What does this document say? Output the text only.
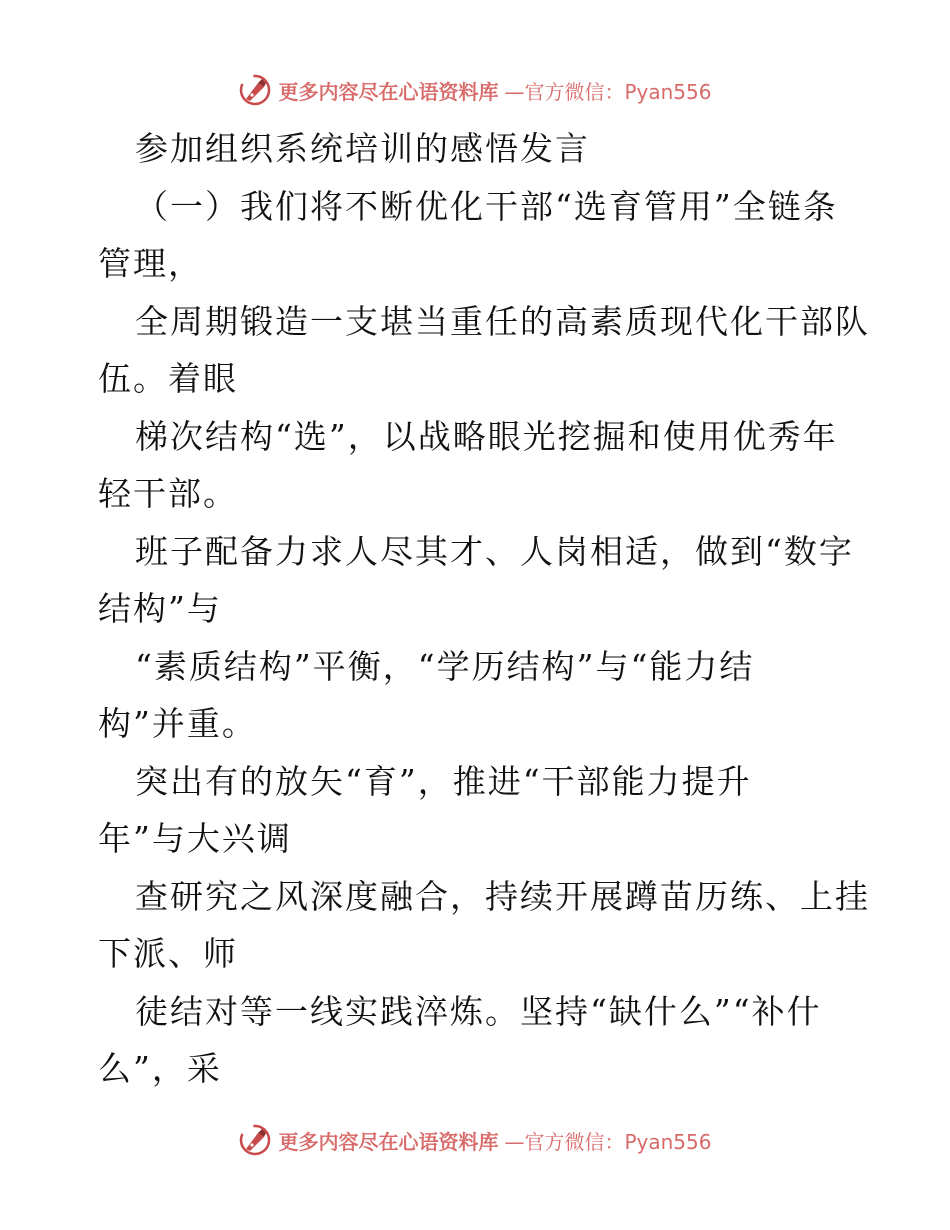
更多内容尽在心语资料库 —官方微信：Pyan556

参加组织系统培训的感悟发言

（一）我们将不断优化干部“选育管用”全链条
管理，

全周期锻造一支堪当重任的高素质现代化干部队
伍。着眼

梯次结构“选”，以战略眼光挖掘和使用优秀年
轻干部。

班子配备力求人尽其才、人岗相适，做到“数字
结构”与

“素质结构”平衡，“学历结构”与“能力结
构”并重。

突出有的放矢“育”，推进“干部能力提升
年”与大兴调

查研究之风深度融合，持续开展蹲苗历练、上挂
下派、师

徒结对等一线实践淬炼。坚持“缺什么”“补什
么”，采

更多内容尽在心语资料库 —官方微信：Pyan556
